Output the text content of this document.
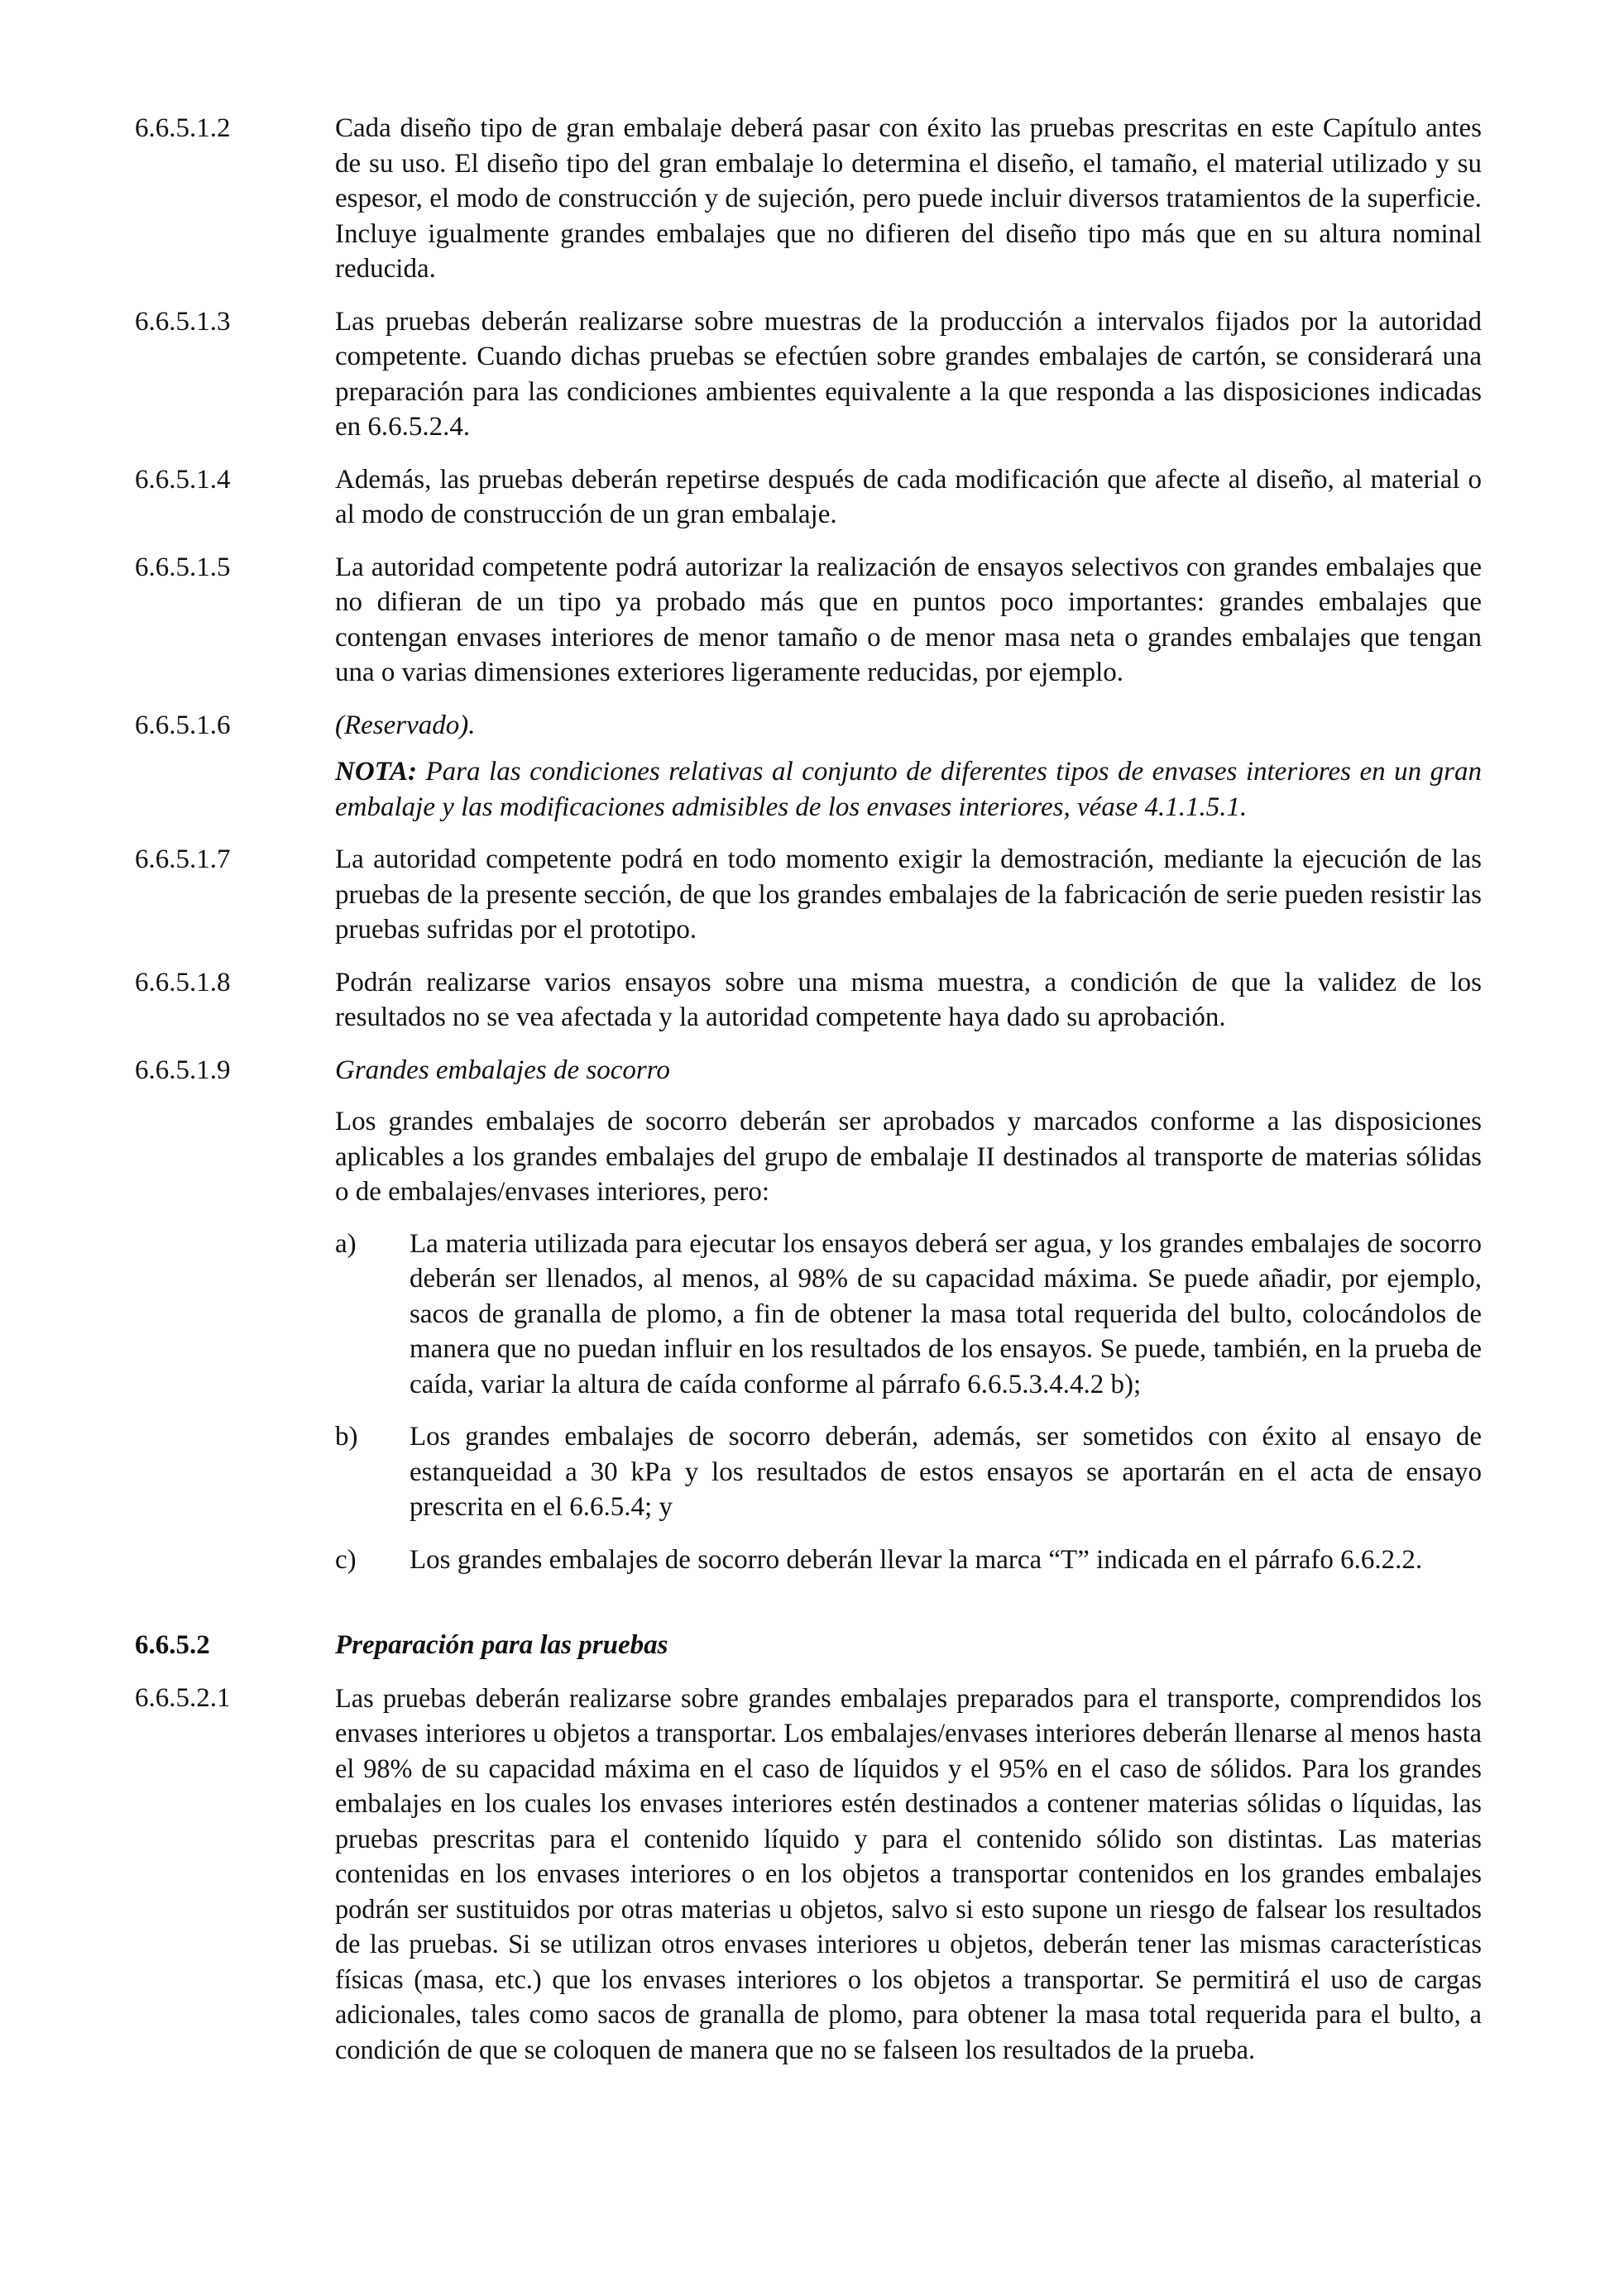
6.6.5.1.2	Cada diseño tipo de gran embalaje deberá pasar con éxito las pruebas prescritas en este Capítulo antes de su uso. El diseño tipo del gran embalaje lo determina el diseño, el tamaño, el material utilizado y su espesor, el modo de construcción y de sujeción, pero puede incluir diversos tratamientos de la superficie. Incluye igualmente grandes embalajes que no difieren del diseño tipo más que en su altura nominal reducida.

6.6.5.1.3	Las pruebas deberán realizarse sobre muestras de la producción a intervalos fijados por la autoridad competente. Cuando dichas pruebas se efectúen sobre grandes embalajes de cartón, se considerará una preparación para las condiciones ambientes equivalente a la que responda a las disposiciones indicadas en 6.6.5.2.4.

6.6.5.1.4	Además, las pruebas deberán repetirse después de cada modificación que afecte al diseño, al material o al modo de construcción de un gran embalaje.

6.6.5.1.5	La autoridad competente podrá autorizar la realización de ensayos selectivos con grandes embalajes que no difieran de un tipo ya probado más que en puntos poco importantes: grandes embalajes que contengan envases interiores de menor tamaño o de menor masa neta o grandes embalajes que tengan una o varias dimensiones exteriores ligeramente reducidas, por ejemplo.

6.6.5.1.6	(Reservado).

NOTA: Para las condiciones relativas al conjunto de diferentes tipos de envases interiores en un gran embalaje y las modificaciones admisibles de los envases interiores, véase 4.1.1.5.1.

6.6.5.1.7	La autoridad competente podrá en todo momento exigir la demostración, mediante la ejecución de las pruebas de la presente sección, de que los grandes embalajes de la fabricación de serie pueden resistir las pruebas sufridas por el prototipo.

6.6.5.1.8	Podrán realizarse varios ensayos sobre una misma muestra, a condición de que la validez de los resultados no se vea afectada y la autoridad competente haya dado su aprobación.

6.6.5.1.9	Grandes embalajes de socorro

Los grandes embalajes de socorro deberán ser aprobados y marcados conforme a las disposiciones aplicables a los grandes embalajes del grupo de embalaje II destinados al transporte de materias sólidas o de embalajes/envases interiores, pero:

a)	La materia utilizada para ejecutar los ensayos deberá ser agua, y los grandes embalajes de socorro deberán ser llenados, al menos, al 98% de su capacidad máxima. Se puede añadir, por ejemplo, sacos de granalla de plomo, a fin de obtener la masa total requerida del bulto, colocándolos de manera que no puedan influir en los resultados de los ensayos. Se puede, también, en la prueba de caída, variar la altura de caída conforme al párrafo 6.6.5.3.4.4.2 b);
b)	Los grandes embalajes de socorro deberán, además, ser sometidos con éxito al ensayo de estanqueidad a 30 kPa y los resultados de estos ensayos se aportarán en el acta de ensayo prescrita en el 6.6.5.4; y
c)	Los grandes embalajes de socorro deberán llevar la marca “T” indicada en el párrafo 6.6.2.2.
6.6.5.2	Preparación para las pruebas

6.6.5.2.1	Las pruebas deberán realizarse sobre grandes embalajes preparados para el transporte, comprendidos los envases interiores u objetos a transportar. Los embalajes/envases interiores deberán llenarse al menos hasta el 98% de su capacidad máxima en el caso de líquidos y el 95% en el caso de sólidos. Para los grandes embalajes en los cuales los envases interiores estén destinados a contener materias sólidas o líquidas, las pruebas prescritas para el contenido líquido y para el contenido sólido son distintas. Las materias contenidas en los envases interiores o en los objetos a transportar contenidos en los grandes embalajes podrán ser sustituidos por otras materias u objetos, salvo si esto supone un riesgo de falsear los resultados de las pruebas. Si se utilizan otros envases interiores u objetos, deberán tener las mismas características físicas (masa, etc.) que los envases interiores o los objetos a transportar. Se permitirá el uso de cargas adicionales, tales como sacos de granalla de plomo, para obtener la masa total requerida para el bulto, a condición de que se coloquen de manera que no se falseen los resultados de la prueba.
